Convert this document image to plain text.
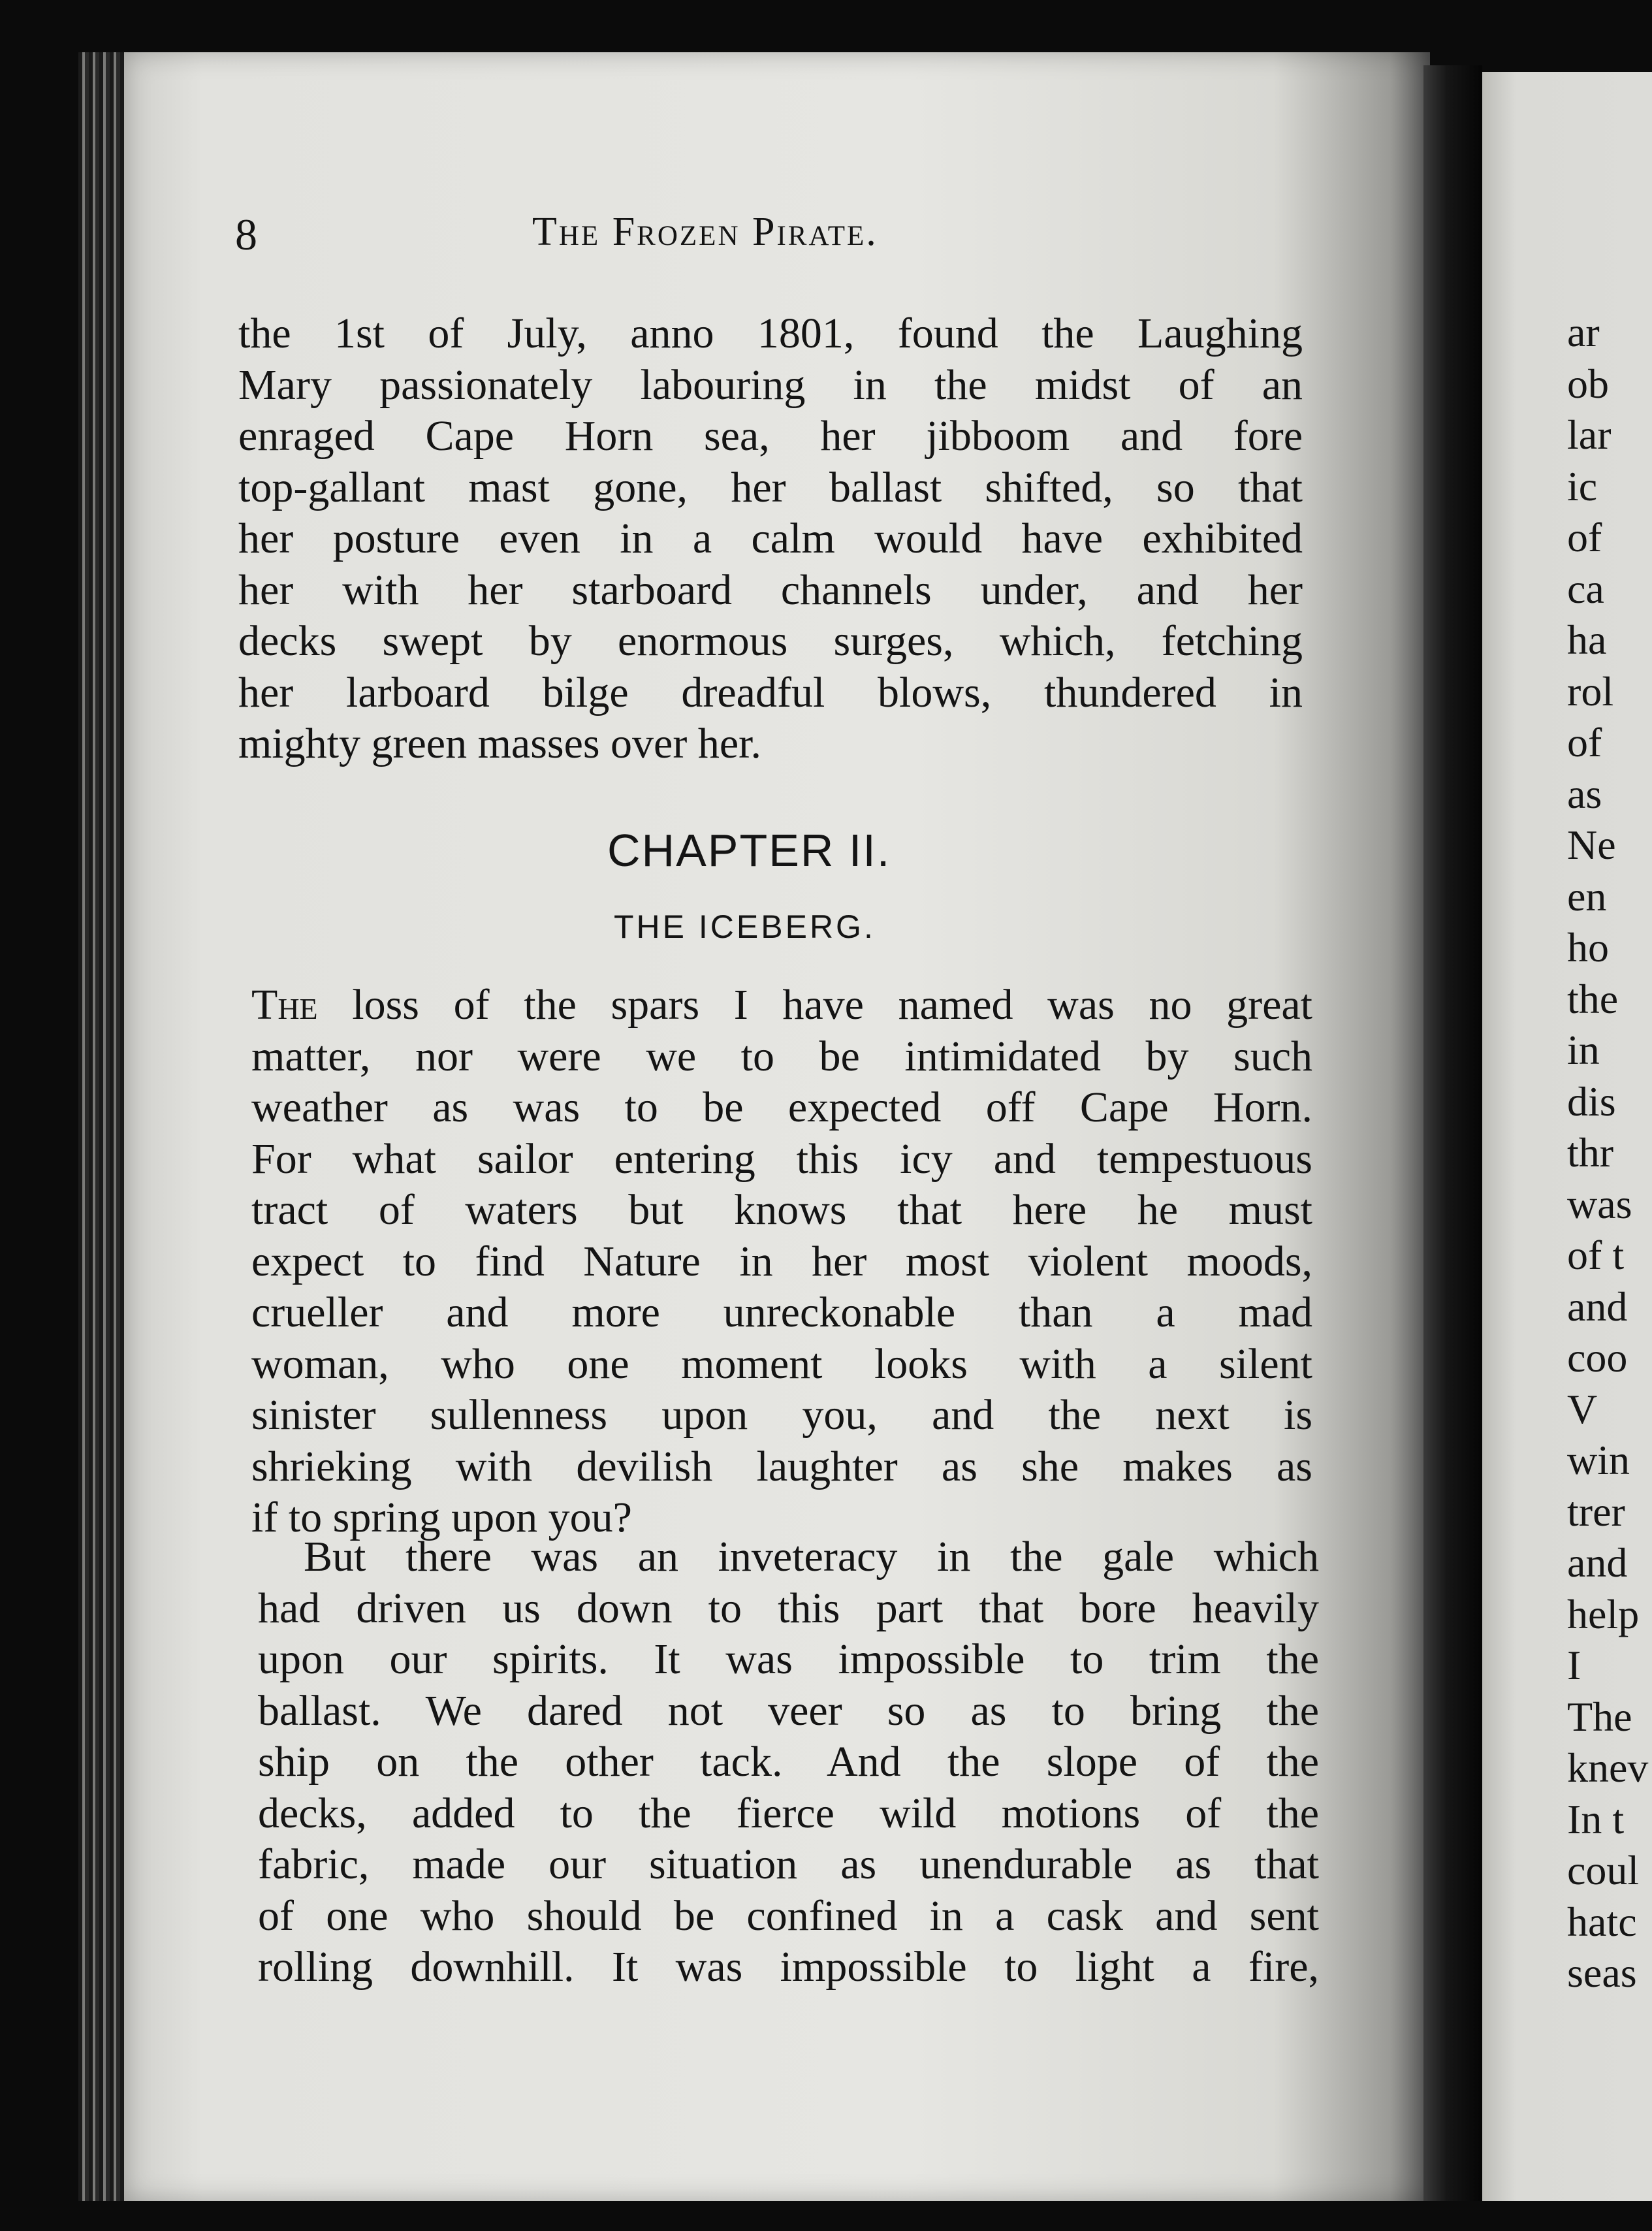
ar
ob
lar
ic
of
ca
ha
rol
of
as
Ne
en
ho
the
in
dis
thr
was
of t
and
coo
V
win
trer
and
help
I
The
knev
In t
coul
hatc
seas
8	The Frozen Pirate.

the 1st of July, anno 1801, found the Laughing
Mary passionately labouring in the midst of an
enraged Cape Horn sea, her jibboom and fore
top-gallant mast gone, her ballast shifted, so that
her posture even in a calm would have exhibited
her with her starboard channels under, and her
decks swept by enormous surges, which, fetching
her larboard bilge dreadful blows, thundered in
mighty green masses over her.

CHAPTER II.
THE ICEBERG.

The loss of the spars I have named was no great
matter, nor were we to be intimidated by such
weather as was to be expected off Cape Horn.
For what sailor entering this icy and tempestuous
tract of waters but knows that here he must
expect to find Nature in her most violent moods,
crueller and more unreckonable than a mad
woman, who one moment looks with a silent
sinister sullenness upon you, and the next is
shrieking with devilish laughter as she makes as
if to spring upon you?

But there was an inveteracy in the gale which
had driven us down to this part that bore heavily
upon our spirits. It was impossible to trim the
ballast. We dared not veer so as to bring the
ship on the other tack. And the slope of the
decks, added to the fierce wild motions of the
fabric, made our situation as unendurable as that
of one who should be confined in a cask and sent
rolling downhill. It was impossible to light a fire,
